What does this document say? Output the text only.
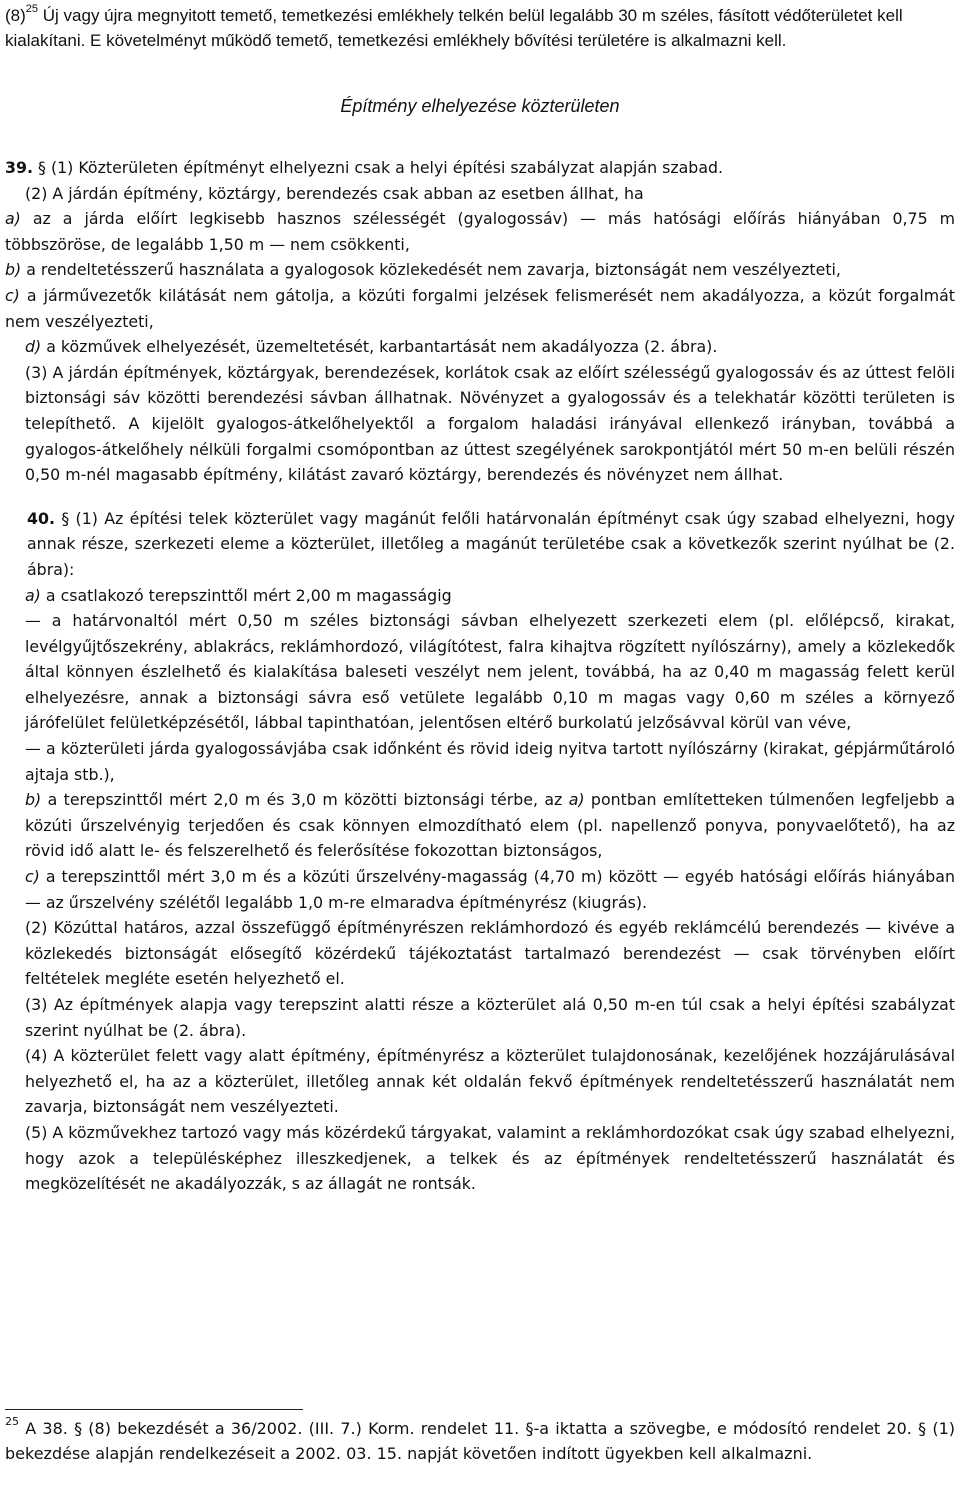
$(8)^{25}$ Új vagy újra megnyitott temető, temetkezési emlékhely telkén belül legalább 30 m széles, fásított védőterületet kell kialakítani. E követelményt működő temető, temetkezési emlékhely bővítési területére is alkalmazni kell.

Építmény elhelyezése közterületen

39. § (1) Közterületen építményt elhelyezni csak a helyi építési szabályzat alapján szabad.

(2) A járdán építmény, köztárgy, berendezés csak abban az esetben állhat, ha

a) az a járda előírt legkisebb hasznos szélességét (gyalogossáv) — más hatósági előírás hiányában 0,75 m többszöröse, de legalább 1,50 m — nem csökkenti,

b) a rendeltetésszerű használata a gyalogosok közlekedését nem zavarja, biztonságát nem veszélyezteti,

c) a járművezetők kilátását nem gátolja, a közúti forgalmi jelzések felismerését nem akadályozza, a közút forgalmát nem veszélyezteti,

d) a közművek elhelyezését, üzemeltetését, karbantartását nem akadályozza (2. ábra).

(3) A járdán építmények, köztárgyak, berendezések, korlátok csak az előírt szélességű gyalogossáv és az úttest felöli biztonsági sáv közötti berendezési sávban állhatnak. Növényzet a gyalogossáv és a telekhatár közötti területen is telepíthető. A kijelölt gyalogos-átkelőhelyektől a forgalom haladási irányával ellenkező irányban, továbbá a gyalogos-átkelőhely nélküli forgalmi csomópontban az úttest szegélyének sarokpontjától mért 50 m-en belüli részén 0,50 m-nél magasabb építmény, kilátást zavaró köztárgy, berendezés és növényzet nem állhat.

40. § (1) Az építési telek közterület vagy magánút felőli határvonalán építményt csak úgy szabad elhelyezni, hogy annak része, szerkezeti eleme a közterület, illetőleg a magánút területébe csak a következők szerint nyúlhat be (2. ábra):

a) a csatlakozó terepszinttől mért 2,00 m magasságig

— a határvonaltól mért 0,50 m széles biztonsági sávban elhelyezett szerkezeti elem (pl. előlépcső, kirakat, levélgyűjtőszekrény, ablakrács, reklámhordozó, világítótest, falra kihajtva rögzített nyílószárny), amely a közlekedők által könnyen észlelhető és kialakítása baleseti veszélyt nem jelent, továbbá, ha az 0,40 m magasság felett kerül elhelyezésre, annak a biztonsági sávra eső vetülete legalább 0,10 m magas vagy 0,60 m széles a környező járófelület felületképzésétől, lábbal tapinthatóan, jelentősen eltérő burkolatú jelzősávval körül van véve,

— a közterületi járda gyalogossávjába csak időnként és rövid ideig nyitva tartott nyílószárny (kirakat, gépjárműtároló ajtaja stb.),

b) a terepszinttől mért 2,0 m és 3,0 m közötti biztonsági térbe, az a) pontban említetteken túlmenően legfeljebb a közúti űrszelvényig terjedően és csak könnyen elmozdítható elem (pl. napellenző ponyva, ponyvaelőtető), ha az rövid idő alatt le- és felszerelhető és felerősítése fokozottan biztonságos,

c) a terepszinttől mért 3,0 m és a közúti űrszelvény-magasság (4,70 m) között — egyéb hatósági előírás hiányában — az űrszelvény szélétől legalább 1,0 m-re elmaradva építményrész (kiugrás).

(2) Közúttal határos, azzal összefüggő építményrészen reklámhordozó és egyéb reklámcélú berendezés — kivéve a közlekedés biztonságát elősegítő közérdekű tájékoztatást tartalmazó berendezést — csak törvényben előírt feltételek megléte esetén helyezhető el.

(3) Az építmények alapja vagy terepszint alatti része a közterület alá 0,50 m-en túl csak a helyi építési szabályzat szerint nyúlhat be (2. ábra).

(4) A közterület felett vagy alatt építmény, építményrész a közterület tulajdonosának, kezelőjének hozzájárulásával helyezhető el, ha az a közterület, illetőleg annak két oldalán fekvő építmények rendeltetésszerű használatát nem zavarja, biztonságát nem veszélyezteti.

(5) A közművekhez tartozó vagy más közérdekű tárgyakat, valamint a reklámhordozókat csak úgy szabad elhelyezni, hogy azok a településképhez illeszkedjenek, a telkek és az építmények rendeltetésszerű használatát és megközelítését ne akadályozzák, s az állagát ne rontsák.

$^{25}$ A 38. § (8) bekezdését a 36/2002. (III. 7.) Korm. rendelet 11. §-a iktatta a szövegbe, e módosító rendelet 20. § (1) bekezdése alapján rendelkezéseit a 2002. 03. 15. napját követően indított ügyekben kell alkalmazni.
